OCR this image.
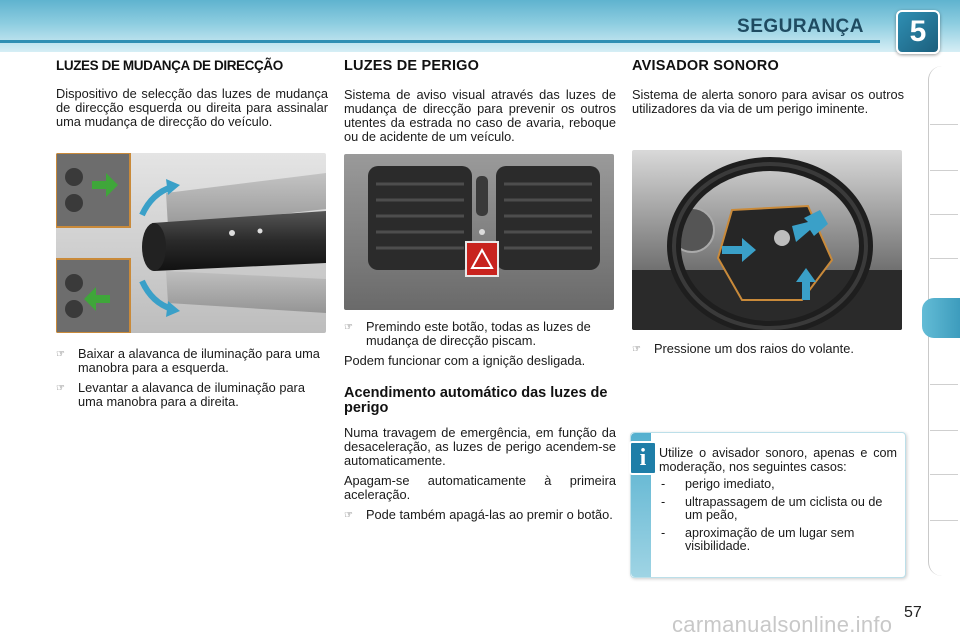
SEGURANÇA	5
LUZES DE MUDANÇA DE DIRECÇÃO

Dispositivo de selecção das luzes de mudança de direcção esquerda ou direita para assinalar uma mudança de direcção do veículo.

☞	Baixar a alavanca de iluminação para uma manobra para a esquerda.
☞	Levantar a alavanca de iluminação para uma manobra para a direita.
LUZES DE PERIGO

Sistema de aviso visual através das luzes de mudança de direcção para prevenir os outros utentes da estrada no caso de avaria, reboque ou de acidente de um veículo.

☞	Premindo este botão, todas as luzes de mudança de direcção piscam.

Podem funcionar com a ignição desligada.

Acendimento automático das luzes de perigo

Numa travagem de emergência, em função da desaceleração, as luzes de perigo acendem-se automaticamente.

Apagam-se automaticamente à primeira aceleração.

☞	Pode também apagá-las ao premir o botão.
AVISADOR SONORO

Sistema de alerta sonoro para avisar os outros utilizadores da via de um perigo iminente.

☞	Pressione um dos raios do volante.
i	Utilize o avisador sonoro, apenas e com moderação, nos seguintes casos:

-	perigo imediato,
-	ultrapassagem de um ciclista ou de um peão,
-	aproximação de um lugar sem visibilidade.
carmanualsonline.info 57
